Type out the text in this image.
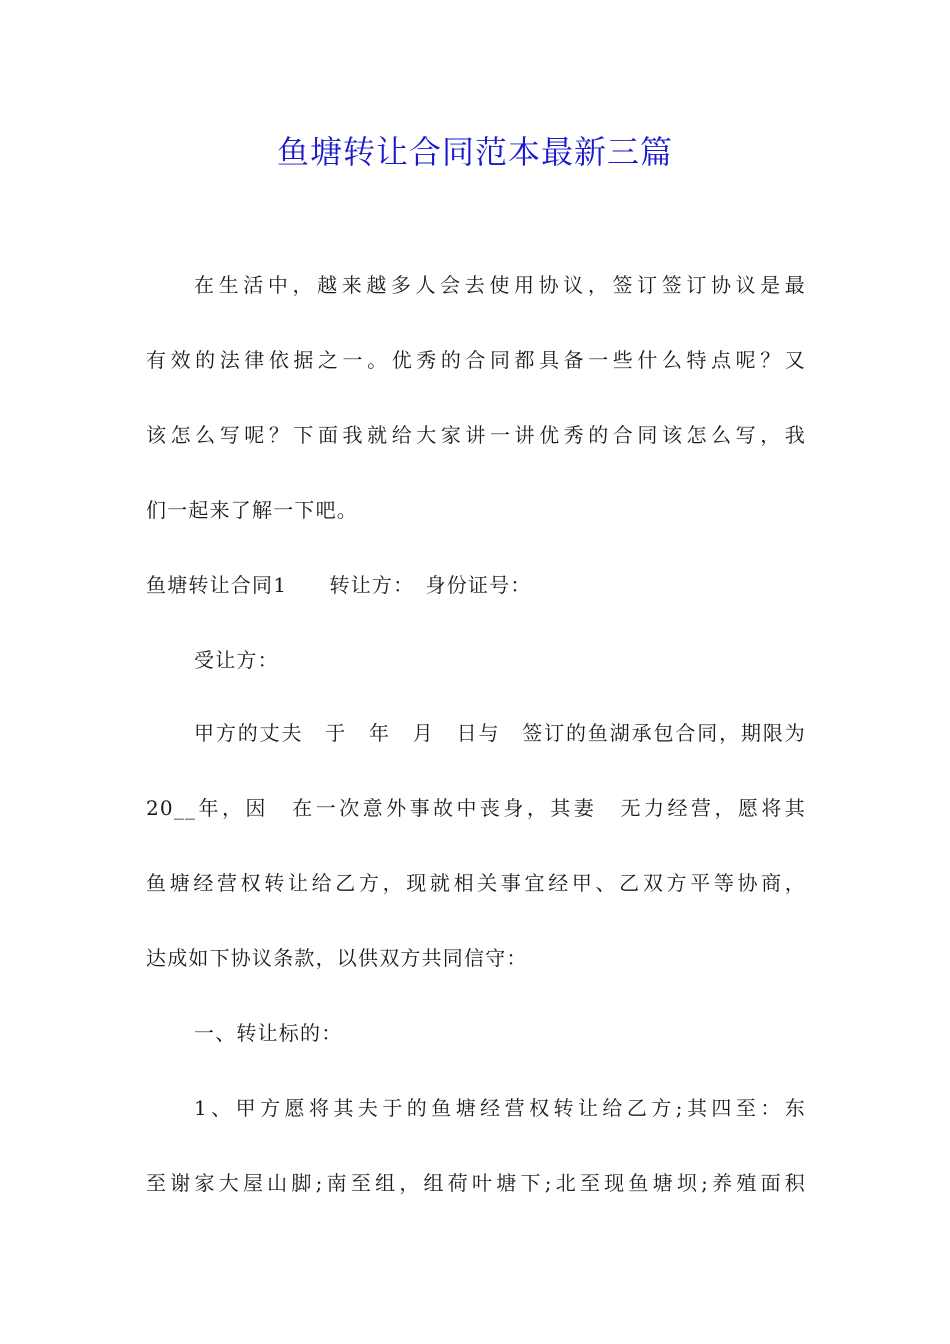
鱼塘转让合同范本最新三篇

在生活中，越来越多人会去使用协议，签订签订协议是最

有效的法律依据之一。优秀的合同都具备一些什么特点呢？又

该怎么写呢？下面我就给大家讲一讲优秀的合同该怎么写，我

们一起来了解一下吧。

鱼塘转让合同1　　转让方：　身份证号：

受让方：

甲方的丈夫　于　年　月　日与　签订的鱼湖承包合同，期限为

20__年，因　在一次意外事故中丧身，其妻　无力经营，愿将其

鱼塘经营权转让给乙方，现就相关事宜经甲、乙双方平等协商，

达成如下协议条款，以供双方共同信守：

一、转让标的：

1、甲方愿将其夫于的鱼塘经营权转让给乙方;其四至：东

至谢家大屋山脚;南至组，组荷叶塘下;北至现鱼塘坝;养殖面积
